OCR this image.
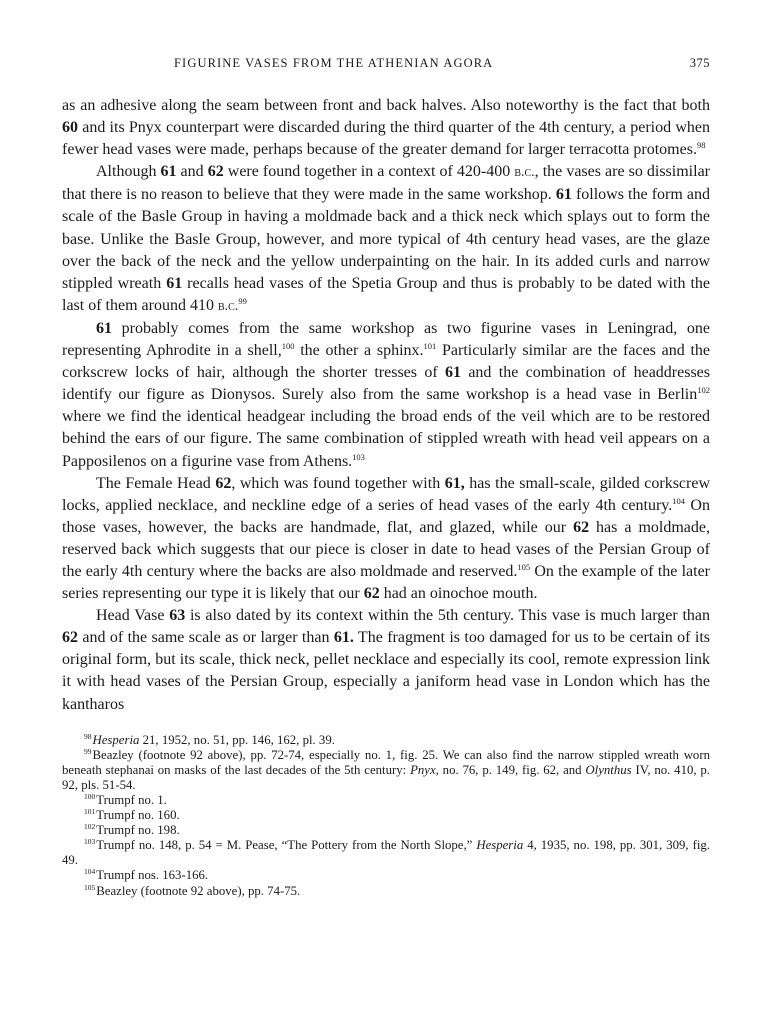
FIGURINE VASES FROM THE ATHENIAN AGORA	375

as an adhesive along the seam between front and back halves. Also noteworthy is the fact that both 60 and its Pnyx counterpart were discarded during the third quarter of the 4th century, a period when fewer head vases were made, perhaps because of the greater demand for larger terracotta protomes.$^{98}$

Although 61 and 62 were found together in a context of 420-400 b.c., the vases are so dissimilar that there is no reason to believe that they were made in the same workshop. 61 follows the form and scale of the Basle Group in having a moldmade back and a thick neck which splays out to form the base. Unlike the Basle Group, however, and more typical of 4th century head vases, are the glaze over the back of the neck and the yellow underpainting on the hair. In its added curls and narrow stippled wreath 61 recalls head vases of the Spetia Group and thus is probably to be dated with the last of them around 410 b.c.$^{99}$

61 probably comes from the same workshop as two figurine vases in Leningrad, one representing Aphrodite in a shell,$^{100}$ the other a sphinx.$^{101}$ Particularly similar are the faces and the corkscrew locks of hair, although the shorter tresses of 61 and the combination of headdresses identify our figure as Dionysos. Surely also from the same workshop is a head vase in Berlin$^{102}$ where we find the identical headgear including the broad ends of the veil which are to be restored behind the ears of our figure. The same combination of stippled wreath with head veil appears on a Papposilenos on a figurine vase from Athens.$^{103}$

The Female Head 62, which was found together with 61, has the small-scale, gilded corkscrew locks, applied necklace, and neckline edge of a series of head vases of the early 4th century.$^{104}$ On those vases, however, the backs are handmade, flat, and glazed, while our 62 has a moldmade, reserved back which suggests that our piece is closer in date to head vases of the Persian Group of the early 4th century where the backs are also moldmade and reserved.$^{105}$ On the example of the later series representing our type it is likely that our 62 had an oinochoe mouth.

Head Vase 63 is also dated by its context within the 5th century. This vase is much larger than 62 and of the same scale as or larger than 61. The fragment is too damaged for us to be certain of its original form, but its scale, thick neck, pellet necklace and especially its cool, remote expression link it with head vases of the Persian Group, especially a janiform head vase in London which has the kantharos

$^{98}$Hesperia 21, 1952, no. 51, pp. 146, 162, pl. 39.
$^{99}$Beazley (footnote 92 above), pp. 72-74, especially no. 1, fig. 25. We can also find the narrow stippled wreath worn beneath stephanai on masks of the last decades of the 5th century: Pnyx, no. 76, p. 149, fig. 62, and Olynthus IV, no. 410, p. 92, pls. 51-54.
$^{100}$Trumpf no. 1.
$^{101}$Trumpf no. 160.
$^{102}$Trumpf no. 198.
$^{103}$Trumpf no. 148, p. 54 = M. Pease, “The Pottery from the North Slope,” Hesperia 4, 1935, no. 198, pp. 301, 309, fig. 49.
$^{104}$Trumpf nos. 163-166.
$^{105}$Beazley (footnote 92 above), pp. 74-75.
